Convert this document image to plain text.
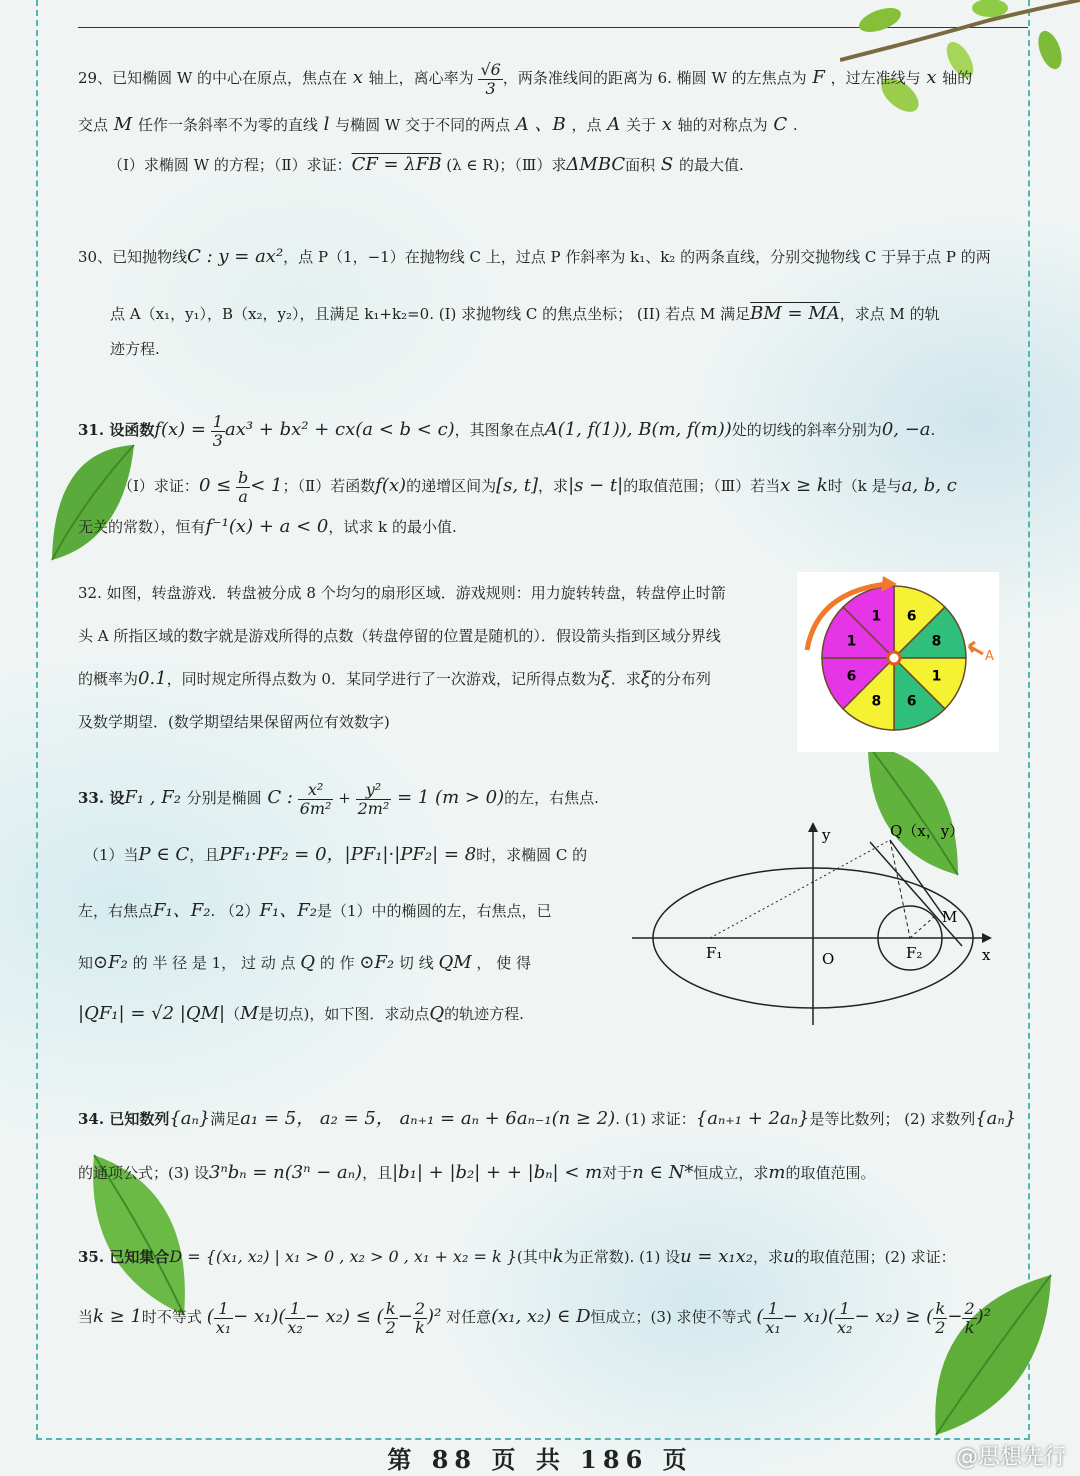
29、已知椭圆 W 的中心在原点，焦点在 x 轴上，离心率为 $\frac{√6}{3}$ ，两条准线间的距离为 6. 椭圆 W 的左焦点为 F ，过左准线与 x 轴的

交点 M 任作一条斜率不为零的直线 l 与椭圆 W 交于不同的两点 A 、B ，点 A 关于 x 轴的对称点为 C .

（Ⅰ）求椭圆 W 的方程；（Ⅱ）求证：CF = λFB (λ ∈ R)；（Ⅲ）求ΔMBC面积 S 的最大值.

30、已知抛物线C : y = ax²，点 P（1，−1）在抛物线 C 上，过点 P 作斜率为 k₁、k₂ 的两条直线，分别交抛物线 C 于异于点 P 的两

点 A（x₁，y₁），B（x₂，y₂），且满足 k₁+k₂=0. (I) 求抛物线 C 的焦点坐标； (II) 若点 M 满足BM = MA，求点 M 的轨

迹方程.

31. 设函数$f(x) = \frac{1}{3} ax^3 + bx^2 + cx(a < b < c)$，其图象在点A(1, f(1)), B(m, f(m))处的切线的斜率分别为0, −a.

（Ⅰ）求证：$0 \le \frac{b}{a} < 1$；（Ⅱ）若函数f(x)的递增区间为[s, t]，求|s − t|的取值范围；（Ⅲ）若当x ≥ k时（k 是与a, b, c

无关的常数），恒有f⁻¹(x) + a < 0，试求 k 的最小值.

32. 如图，转盘游戏．转盘被分成 8 个均匀的扇形区域．游戏规则：用力旋转转盘，转盘停止时箭

头 A 所指区域的数字就是游戏所得的点数（转盘停留的位置是随机的）．假设箭头指到区域分界线

的概率为0.1，同时规定所得点数为 0．某同学进行了一次游戏，记所得点数为ξ．求ξ的分布列

及数学期望．(数学期望结果保留两位有效数字)

6
8
1
6
8
6
1
1
A

33. 设F₁ , F₂ 分别是椭圆 C : $\frac{\text{x²}}{\text{6m²}} + \frac{\text{y²}}{\text{2m²}} = 1$ (m > 0)的左，右焦点.

（1）当P ∈ C，且PF₁·PF₂ = 0，|PF₁|·|PF₂| = 8时，求椭圆 C 的

左，右焦点F₁、F₂. （2）F₁、F₂是（1）中的椭圆的左，右焦点，已

知⊙F₂ 的 半 径 是 1， 过 动 点 Q 的 作 ⊙F₂ 切 线 QM ， 使 得

|QF₁| = √2 |QM|（M是切点)，如下图．求动点Q的轨迹方程.

y
x
Q（x，y）
M
F₁	F₂
O

34. 已知数列{aₙ}满足a₁ = 5， a₂ = 5， aₙ₊₁ = aₙ + 6aₙ₋₁(n ≥ 2). (1) 求证：{aₙ₊₁ + 2aₙ}是等比数列； (2) 求数列{aₙ}

的通项公式；(3) 设3ⁿbₙ = n(3ⁿ − aₙ)，且|b₁| + |b₂| + + |bₙ| < m对于n ∈ N*恒成立，求m的取值范围。

35. 已知集合D = {(x₁, x₂) | x₁ > 0 , x₂ > 0 , x₁ + x₂ = k }(其中k为正常数). (1) 设u = x₁x₂，求u的取值范围；(2) 求证：

当k ≥ 1时不等式 ( $\frac{1}{\text{x₁}} - x_1)( \frac{1}{\text{x₂}} - x_2)$ ≤ ( $\frac{k}{2} - \frac{2}{k} )^2$ 对任意(x₁, x₂) ∈ D恒成立；(3) 求使不等式 ( $\frac{1}{\text{x₁}} - x_1)( \frac{1}{\text{x₂}} - x_2)$ ≥ ( $\frac{k}{2} - \frac{2}{k} )^2$

第 88 页 共 186 页	@思想先行
